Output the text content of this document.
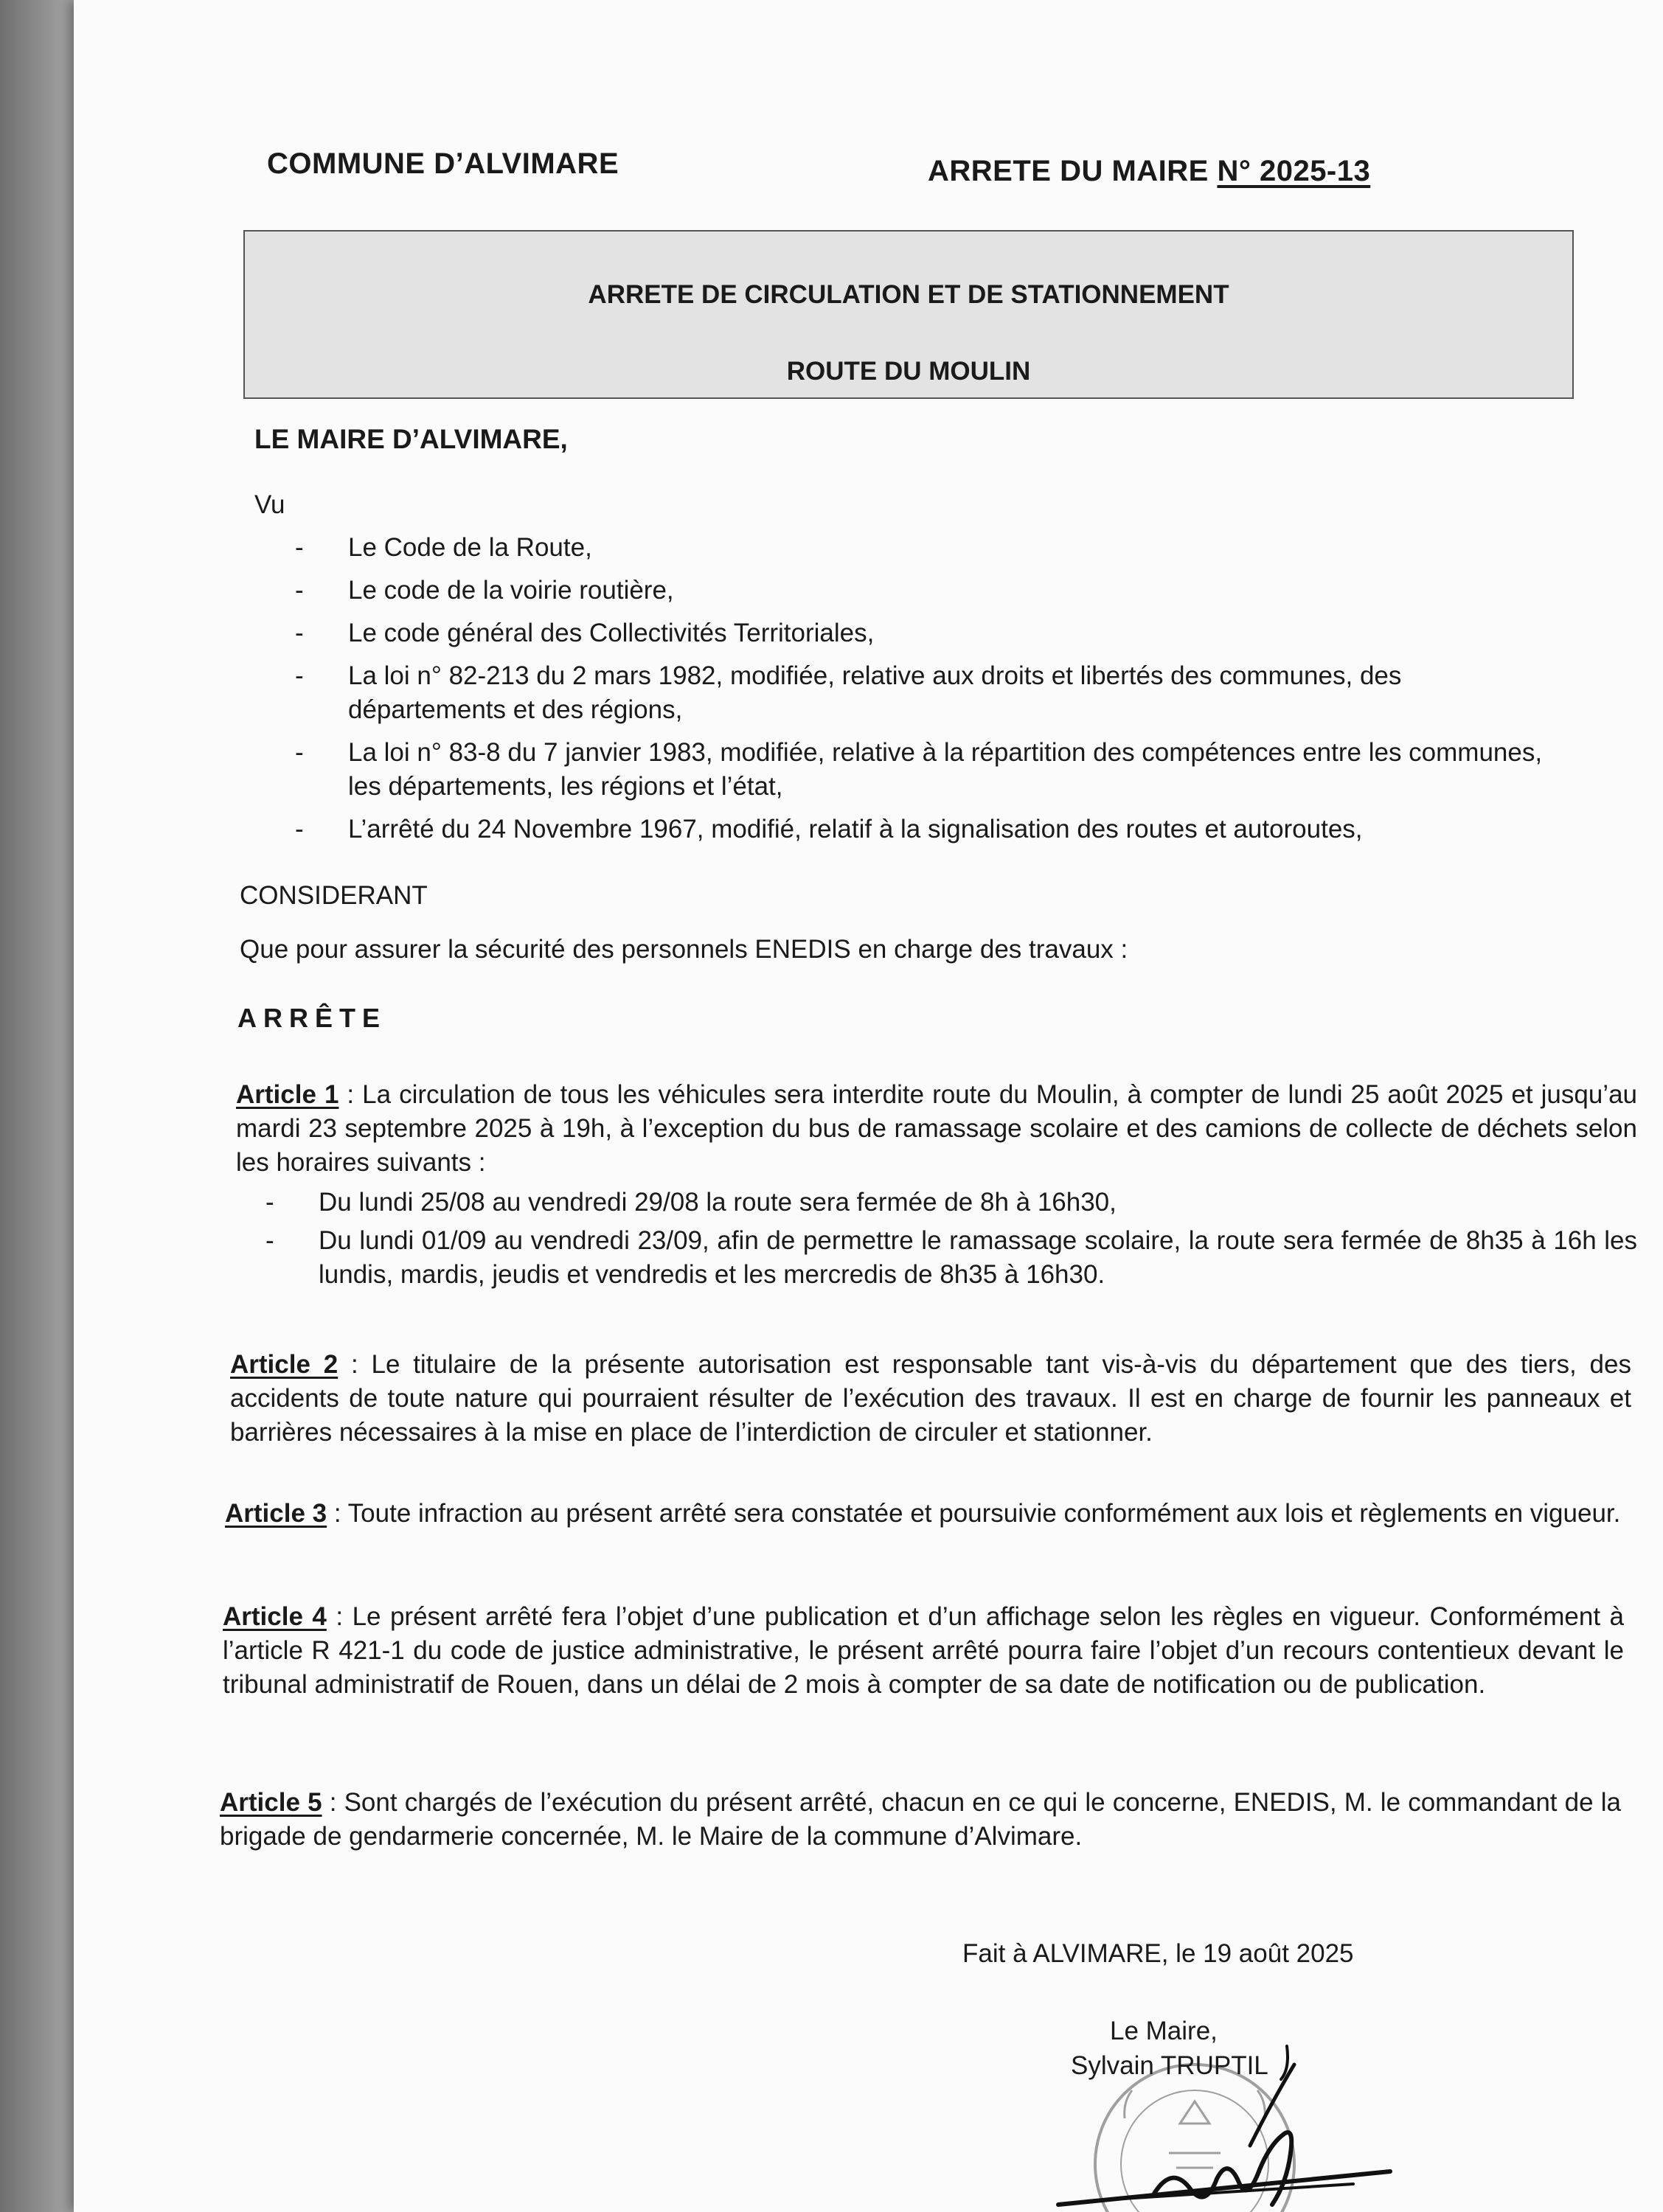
COMMUNE D’ALVIMARE	ARRETE DU MAIRE N° 2025-13
ARRETE DE CIRCULATION ET DE STATIONNEMENT
ROUTE DU MOULIN
LE MAIRE D’ALVIMARE,
Vu
- Le Code de la Route,
- Le code de la voirie routière,
- Le code général des Collectivités Territoriales,
- La loi n° 82-213 du 2 mars 1982, modifiée, relative aux droits et libertés des communes, des départements et des régions,
- La loi n° 83-8 du 7 janvier 1983, modifiée, relative à la répartition des compétences entre les communes, les départements, les régions et l’état,
- L’arrêté du 24 Novembre 1967, modifié, relatif à la signalisation des routes et autoroutes,
CONSIDERANT
Que pour assurer la sécurité des personnels ENEDIS en charge des travaux :
ARRÊTE
Article 1 : La circulation de tous les véhicules sera interdite route du Moulin, à compter de lundi 25 août 2025 et jusqu’au mardi 23 septembre 2025 à 19h, à l’exception du bus de ramassage scolaire et des camions de collecte de déchets selon les horaires suivants :
- Du lundi 25/08 au vendredi 29/08 la route sera fermée de 8h à 16h30,
- Du lundi 01/09 au vendredi 23/09, afin de permettre le ramassage scolaire, la route sera fermée de 8h35 à 16h les lundis, mardis, jeudis et vendredis et les mercredis de 8h35 à 16h30.
Article 2 : Le titulaire de la présente autorisation est responsable tant vis-à-vis du département que des tiers, des accidents de toute nature qui pourraient résulter de l’exécution des travaux. Il est en charge de fournir les panneaux et barrières nécessaires à la mise en place de l’interdiction de circuler et stationner.
Article 3 : Toute infraction au présent arrêté sera constatée et poursuivie conformément aux lois et règlements en vigueur.
Article 4 : Le présent arrêté fera l’objet d’une publication et d’un affichage selon les règles en vigueur. Conformément à l’article R 421-1 du code de justice administrative, le présent arrêté pourra faire l’objet d’un recours contentieux devant le tribunal administratif de Rouen, dans un délai de 2 mois à compter de sa date de notification ou de publication.
Article 5 : Sont chargés de l’exécution du présent arrêté, chacun en ce qui le concerne, ENEDIS, M. le commandant de la brigade de gendarmerie concernée, M. le Maire de la commune d’Alvimare.
Fait à ALVIMARE, le 19 août 2025
Le Maire,
Sylvain TRUPTIL
